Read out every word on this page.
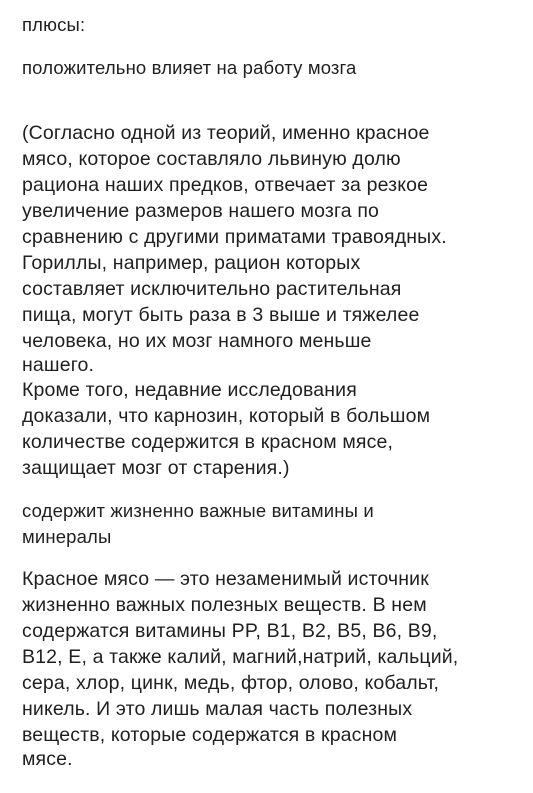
плюсы:
положительно влияет на работу мозга
(Согласно одной из теорий, именно красное
мясо, которое составляло львиную долю
рациона наших предков, отвечает за резкое
увеличение размеров нашего мозга по
сравнению с другими приматами травоядных.
Гориллы, например, рацион которых
составляет исключительно растительная
пища, могут быть раза в 3 выше и тяжелее
человека, но их мозг намного меньше
нашего.
Кроме того, недавние исследования
доказали, что карнозин, который в большом
количестве содержится в красном мясе,
защищает мозг от старения.)
содержит жизненно важные витамины и
минералы
Красное мясо — это незаменимый источник
жизненно важных полезных веществ. В нем
содержатся витамины PP, B1, B2, B5, B6, B9,
B12, E, а также калий, магний,натрий, кальций,
сера, хлор, цинк, медь, фтор, олово, кобальт,
никель. И это лишь малая часть полезных
веществ, которые содержатся в красном
мясе.
